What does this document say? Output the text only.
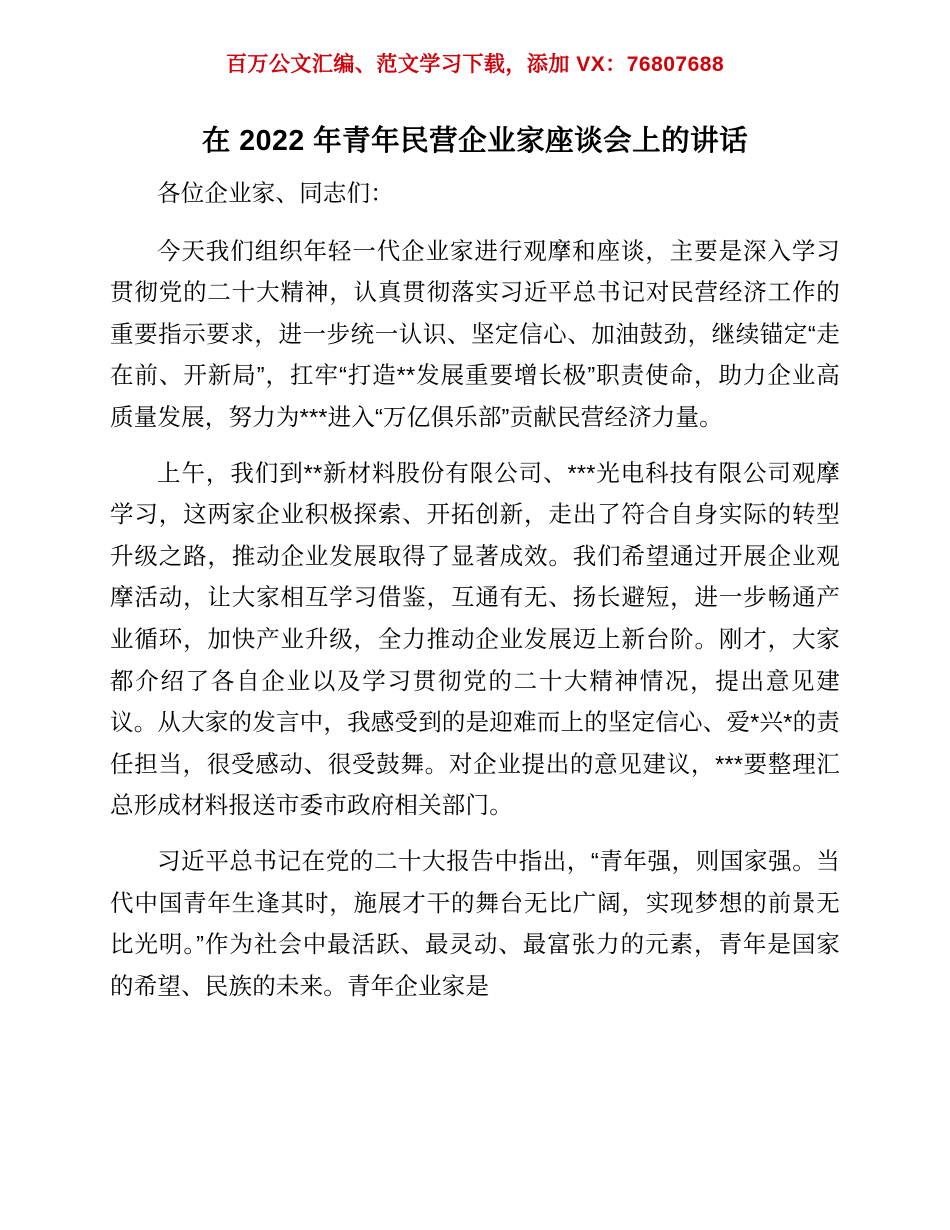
百万公文汇编、范文学习下载，添加 VX：76807688
在 2022 年青年民营企业家座谈会上的讲话

各位企业家、同志们：

今天我们组织年轻一代企业家进行观摩和座谈，主要是深入学习贯彻党的二十大精神，认真贯彻落实习近平总书记对民营经济工作的重要指示要求，进一步统一认识、坚定信心、加油鼓劲，继续锚定“走在前、开新局”，扛牢“打造**发展重要增长极”职责使命，助力企业高质量发展，努力为***进入“万亿俱乐部”贡献民营经济力量。

上午，我们到**新材料股份有限公司、***光电科技有限公司观摩学习，这两家企业积极探索、开拓创新，走出了符合自身实际的转型升级之路，推动企业发展取得了显著成效。我们希望通过开展企业观摩活动，让大家相互学习借鉴，互通有无、扬长避短，进一步畅通产业循环，加快产业升级，全力推动企业发展迈上新台阶。刚才，大家都介绍了各自企业以及学习贯彻党的二十大精神情况，提出意见建议。从大家的发言中，我感受到的是迎难而上的坚定信心、爱*兴*的责任担当，很受感动、很受鼓舞。对企业提出的意见建议，***要整理汇总形成材料报送市委市政府相关部门。

习近平总书记在党的二十大报告中指出，“青年强，则国家强。当代中国青年生逢其时，施展才干的舞台无比广阔，实现梦想的前景无比光明。”作为社会中最活跃、最灵动、最富张力的元素，青年是国家的希望、民族的未来。青年企业家是
